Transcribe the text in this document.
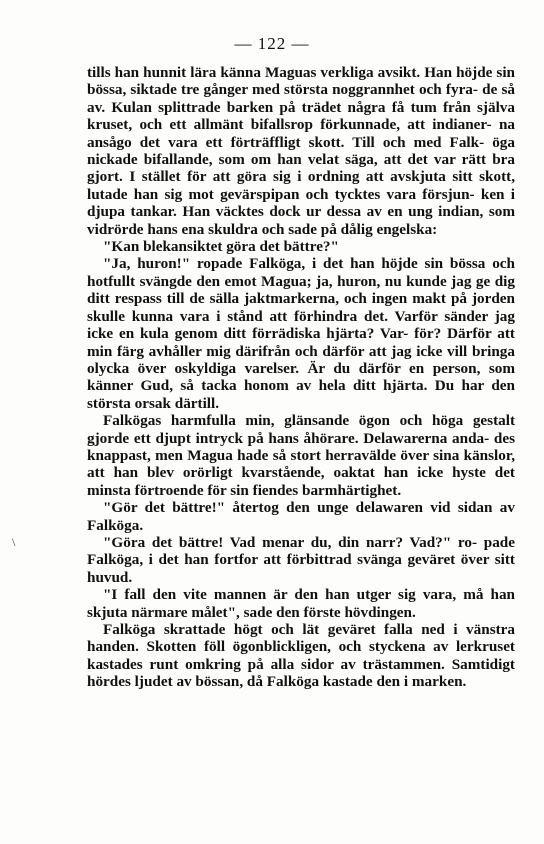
— 122 —

tills han hunnit lära känna Maguas verkliga avsikt. Han höjde sin bössa, siktade tre gånger med största noggrannhet och fyra- de så av. Kulan splittrade barken på trädet några få tum från själva kruset, och ett allmänt bifallsrop förkunnade, att indianer- na ansågo det vara ett förträffligt skott. Till och med Falk- öga nickade bifallande, som om han velat säga, att det var rätt bra gjort. I stället för att göra sig i ordning att avskjuta sitt skott, lutade han sig mot gevärspipan och tycktes vara försjun- ken i djupa tankar. Han väcktes dock ur dessa av en ung indian, som vidrörde hans ena skuldra och sade på dålig engelska:

"Kan blekansiktet göra det bättre?"

"Ja, huron!" ropade Falköga, i det han höjde sin bössa och hotfullt svängde den emot Magua; ja, huron, nu kunde jag ge dig ditt respass till de sälla jaktmarkerna, och ingen makt på jorden skulle kunna vara i stånd att förhindra det. Varför sänder jag icke en kula genom ditt förrädiska hjärta? Var- för? Därför att min färg avhåller mig därifrån och därför att jag icke vill bringa olycka över oskyldiga varelser. Är du därför en person, som känner Gud, så tacka honom av hela ditt hjärta. Du har den största orsak därtill.

Falkögas harmfulla min, glänsande ögon och höga gestalt gjorde ett djupt intryck på hans åhörare. Delawarerna anda- des knappast, men Magua hade så stort herravälde över sina känslor, att han blev orörligt kvarstående, oaktat han icke hyste det minsta förtroende för sin fiendes barmhärtighet.

"Gör det bättre!" återtog den unge delawaren vid sidan av Falköga.

"Göra det bättre! Vad menar du, din narr? Vad?" ro- pade Falköga, i det han fortfor att förbittrad svänga geväret över sitt huvud.

"I fall den vite mannen är den han utger sig vara, må han skjuta närmare målet", sade den förste hövdingen.

Falköga skrattade högt och lät geväret falla ned i vänstra handen. Skotten föll ögonblickligen, och styckena av lerkruset kastades runt omkring på alla sidor av trästammen. Samtidigt hördes ljudet av bössan, då Falköga kastade den i marken.

\
